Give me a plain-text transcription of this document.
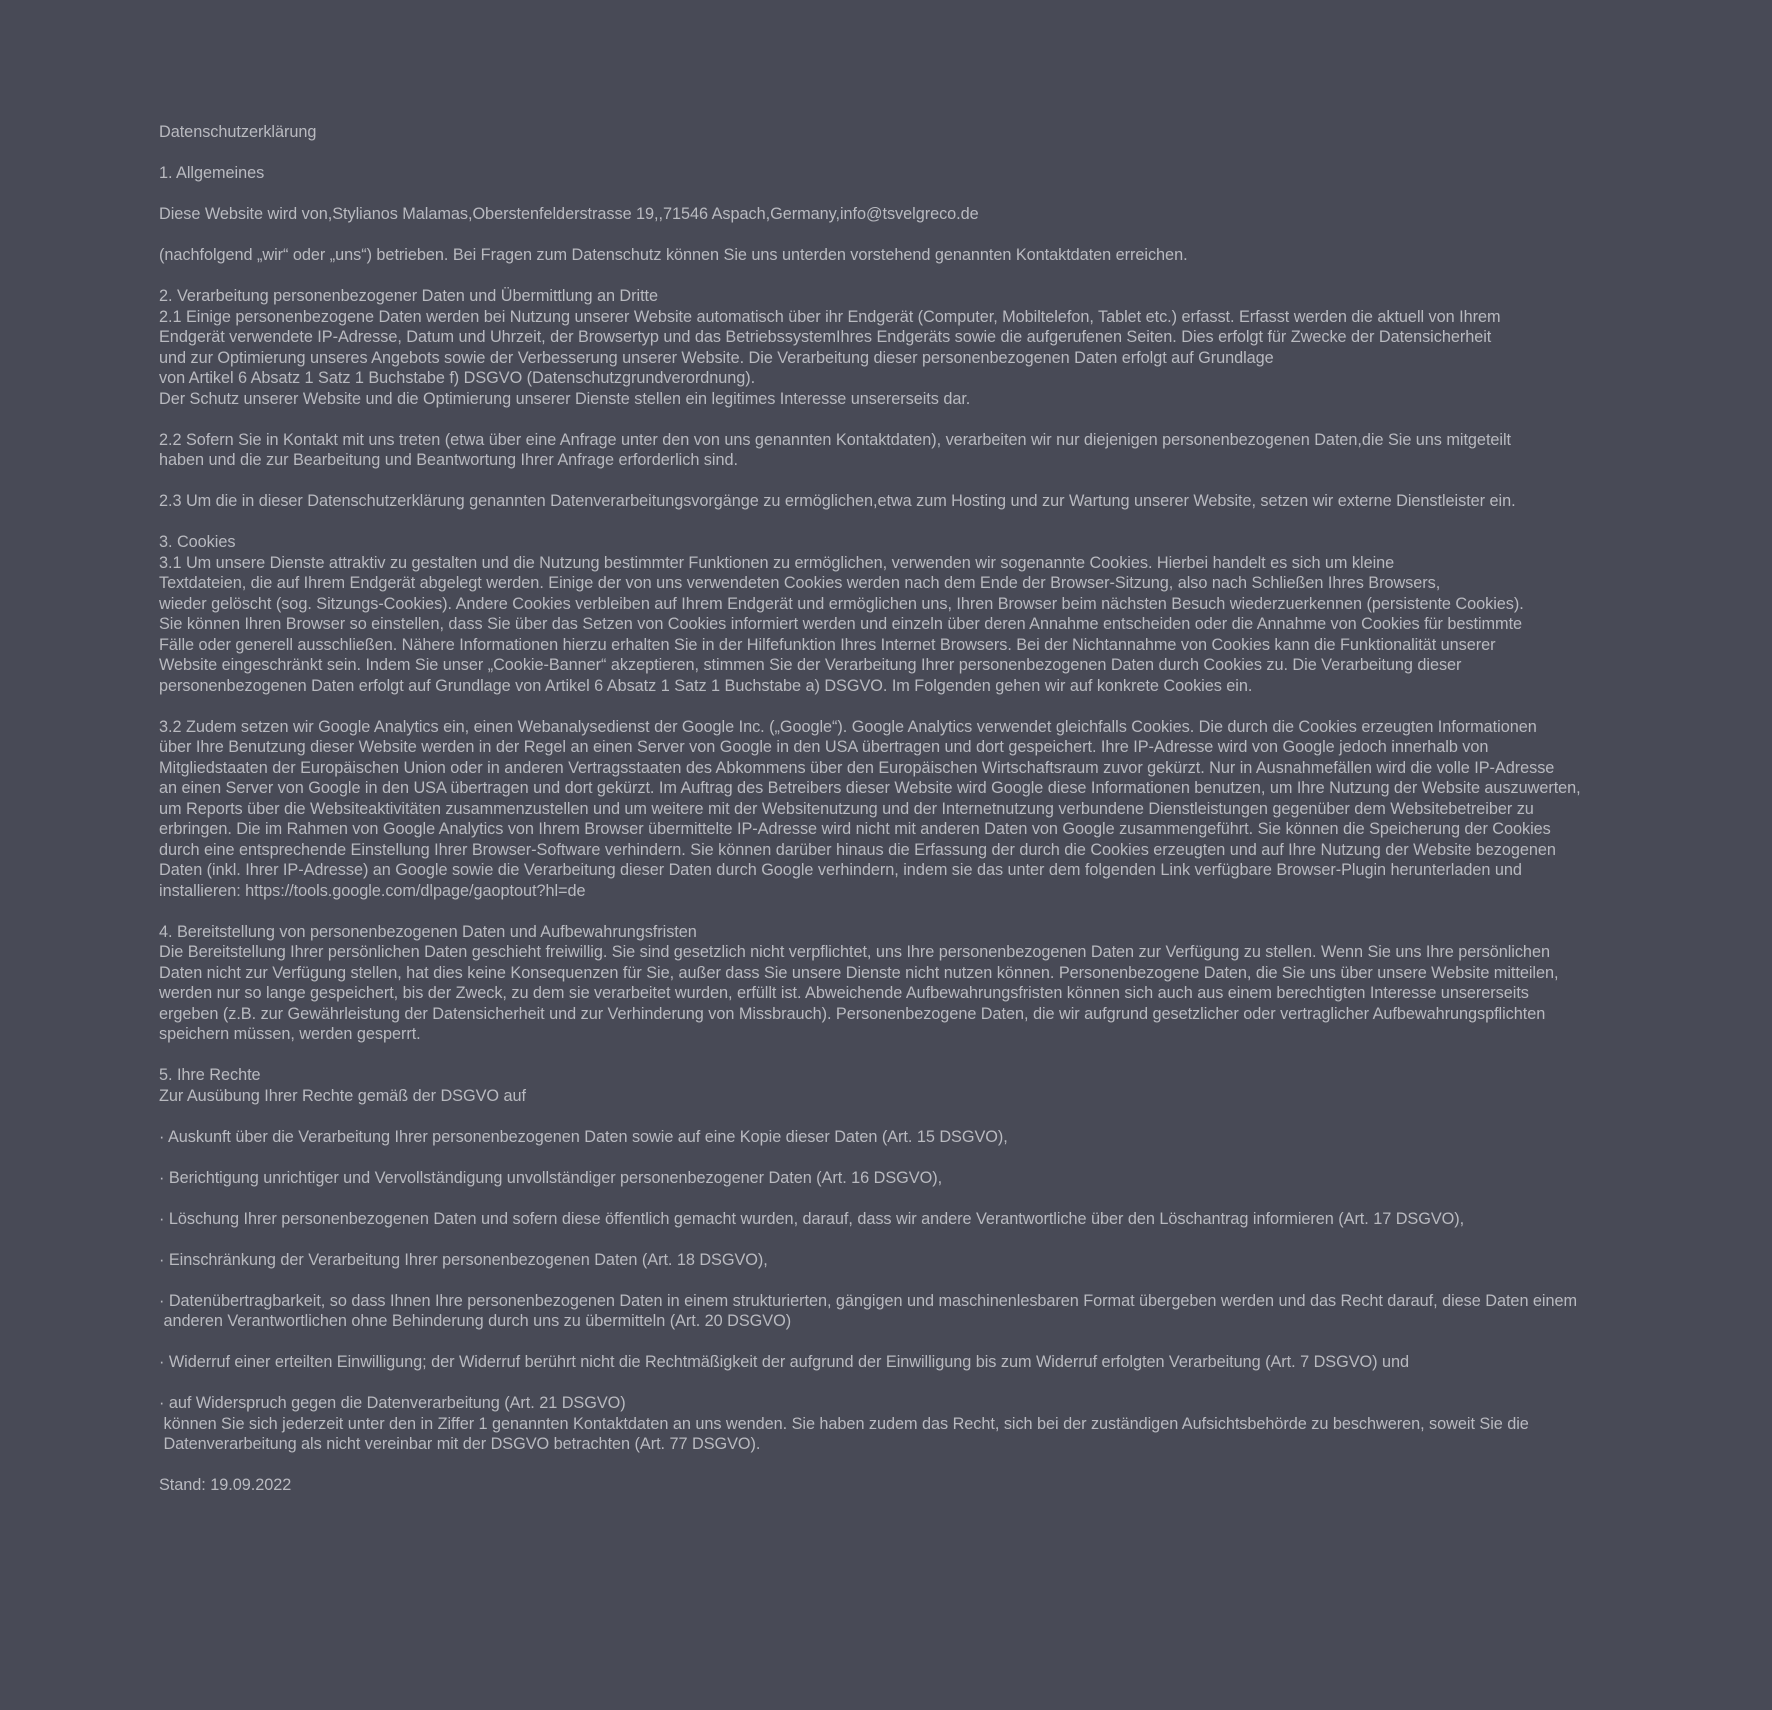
Datenschutzerklärung
1. Allgemeines
Diese Website wird von,Stylianos Malamas,Oberstenfelderstrasse 19,,71546 Aspach,Germany,info@tsvelgreco.de
(nachfolgend „wir“ oder „uns“) betrieben. Bei Fragen zum Datenschutz können Sie uns unterden vorstehend genannten Kontaktdaten erreichen.
2. Verarbeitung personenbezogener Daten und Übermittlung an Dritte
2.1 Einige personenbezogene Daten werden bei Nutzung unserer Website automatisch über ihr Endgerät (Computer, Mobiltelefon, Tablet etc.) erfasst. Erfasst werden die aktuell von Ihrem
Endgerät verwendete IP-Adresse, Datum und Uhrzeit, der Browsertyp und das BetriebssystemIhres Endgeräts sowie die aufgerufenen Seiten. Dies erfolgt für Zwecke der Datensicherheit
und zur Optimierung unseres Angebots sowie der Verbesserung unserer Website. Die Verarbeitung dieser personenbezogenen Daten erfolgt auf Grundlage
von Artikel 6 Absatz 1 Satz 1 Buchstabe f) DSGVO (Datenschutzgrundverordnung).
Der Schutz unserer Website und die Optimierung unserer Dienste stellen ein legitimes Interesse unsererseits dar.
2.2 Sofern Sie in Kontakt mit uns treten (etwa über eine Anfrage unter den von uns genannten Kontaktdaten), verarbeiten wir nur diejenigen personenbezogenen Daten,die Sie uns mitgeteilt
haben und die zur Bearbeitung und Beantwortung Ihrer Anfrage erforderlich sind.
2.3 Um die in dieser Datenschutzerklärung genannten Datenverarbeitungsvorgänge zu ermöglichen,etwa zum Hosting und zur Wartung unserer Website, setzen wir externe Dienstleister ein.
3. Cookies
3.1 Um unsere Dienste attraktiv zu gestalten und die Nutzung bestimmter Funktionen zu ermöglichen, verwenden wir sogenannte Cookies. Hierbei handelt es sich um kleine
Textdateien, die auf Ihrem Endgerät abgelegt werden. Einige der von uns verwendeten Cookies werden nach dem Ende der Browser-Sitzung, also nach Schließen Ihres Browsers,
wieder gelöscht (sog. Sitzungs-Cookies). Andere Cookies verbleiben auf Ihrem Endgerät und ermöglichen uns, Ihren Browser beim nächsten Besuch wiederzuerkennen (persistente Cookies).
Sie können Ihren Browser so einstellen, dass Sie über das Setzen von Cookies informiert werden und einzeln über deren Annahme entscheiden oder die Annahme von Cookies für bestimmte
Fälle oder generell ausschließen. Nähere Informationen hierzu erhalten Sie in der Hilfefunktion Ihres Internet Browsers. Bei der Nichtannahme von Cookies kann die Funktionalität unserer
Website eingeschränkt sein. Indem Sie unser „Cookie-Banner“ akzeptieren, stimmen Sie der Verarbeitung Ihrer personenbezogenen Daten durch Cookies zu. Die Verarbeitung dieser
personenbezogenen Daten erfolgt auf Grundlage von Artikel 6 Absatz 1 Satz 1 Buchstabe a) DSGVO. Im Folgenden gehen wir auf konkrete Cookies ein.
3.2 Zudem setzen wir Google Analytics ein, einen Webanalysedienst der Google Inc. („Google“). Google Analytics verwendet gleichfalls Cookies. Die durch die Cookies erzeugten Informationen
über Ihre Benutzung dieser Website werden in der Regel an einen Server von Google in den USA übertragen und dort gespeichert. Ihre IP-Adresse wird von Google jedoch innerhalb von
Mitgliedstaaten der Europäischen Union oder in anderen Vertragsstaaten des Abkommens über den Europäischen Wirtschaftsraum zuvor gekürzt. Nur in Ausnahmefällen wird die volle IP-Adresse
an einen Server von Google in den USA übertragen und dort gekürzt. Im Auftrag des Betreibers dieser Website wird Google diese Informationen benutzen, um Ihre Nutzung der Website auszuwerten,
um Reports über die Websiteaktivitäten zusammenzustellen und um weitere mit der Websitenutzung und der Internetnutzung verbundene Dienstleistungen gegenüber dem Websitebetreiber zu
erbringen. Die im Rahmen von Google Analytics von Ihrem Browser übermittelte IP-Adresse wird nicht mit anderen Daten von Google zusammengeführt. Sie können die Speicherung der Cookies
durch eine entsprechende Einstellung Ihrer Browser-Software verhindern. Sie können darüber hinaus die Erfassung der durch die Cookies erzeugten und auf Ihre Nutzung der Website bezogenen
Daten (inkl. Ihrer IP-Adresse) an Google sowie die Verarbeitung dieser Daten durch Google verhindern, indem sie das unter dem folgenden Link verfügbare Browser-Plugin herunterladen und
installieren: https://tools.google.com/dlpage/gaoptout?hl=de
4. Bereitstellung von personenbezogenen Daten und Aufbewahrungsfristen
Die Bereitstellung Ihrer persönlichen Daten geschieht freiwillig. Sie sind gesetzlich nicht verpflichtet, uns Ihre personenbezogenen Daten zur Verfügung zu stellen. Wenn Sie uns Ihre persönlichen
Daten nicht zur Verfügung stellen, hat dies keine Konsequenzen für Sie, außer dass Sie unsere Dienste nicht nutzen können. Personenbezogene Daten, die Sie uns über unsere Website mitteilen,
werden nur so lange gespeichert, bis der Zweck, zu dem sie verarbeitet wurden, erfüllt ist. Abweichende Aufbewahrungsfristen können sich auch aus einem berechtigten Interesse unsererseits
ergeben (z.B. zur Gewährleistung der Datensicherheit und zur Verhinderung von Missbrauch). Personenbezogene Daten, die wir aufgrund gesetzlicher oder vertraglicher Aufbewahrungspflichten
speichern müssen, werden gesperrt.
5. Ihre Rechte
Zur Ausübung Ihrer Rechte gemäß der DSGVO auf
· Auskunft über die Verarbeitung Ihrer personenbezogenen Daten sowie auf eine Kopie dieser Daten (Art. 15 DSGVO),
· Berichtigung unrichtiger und Vervollständigung unvollständiger personenbezogener Daten (Art. 16 DSGVO),
· Löschung Ihrer personenbezogenen Daten und sofern diese öffentlich gemacht wurden, darauf, dass wir andere Verantwortliche über den Löschantrag informieren (Art. 17 DSGVO),
· Einschränkung der Verarbeitung Ihrer personenbezogenen Daten (Art. 18 DSGVO),
· Datenübertragbarkeit, so dass Ihnen Ihre personenbezogenen Daten in einem strukturierten, gängigen und maschinenlesbaren Format übergeben werden und das Recht darauf, diese Daten einem
anderen Verantwortlichen ohne Behinderung durch uns zu übermitteln (Art. 20 DSGVO)
· Widerruf einer erteilten Einwilligung; der Widerruf berührt nicht die Rechtmäßigkeit der aufgrund der Einwilligung bis zum Widerruf erfolgten Verarbeitung (Art. 7 DSGVO) und
· auf Widerspruch gegen die Datenverarbeitung (Art. 21 DSGVO)
können Sie sich jederzeit unter den in Ziffer 1 genannten Kontaktdaten an uns wenden. Sie haben zudem das Recht, sich bei der zuständigen Aufsichtsbehörde zu beschweren, soweit Sie die
Datenverarbeitung als nicht vereinbar mit der DSGVO betrachten (Art. 77 DSGVO).
Stand: 19.09.2022
